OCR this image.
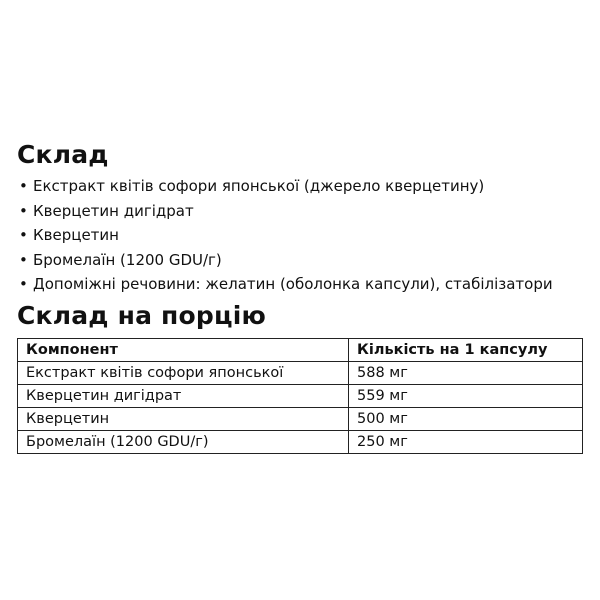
Склад
• Екстракт квітів софори японської (джерело кверцетину)
• Кверцетин дигідрат
• Кверцетин
• Бромелаїн (1200 GDU/г)
• Допоміжні речовини: желатин (оболонка капсули), стабілізатори
Склад на порцію
Компонент	Кількість на 1 капсулу
Екстракт квітів софори японської	588 мг
Кверцетин дигідрат	559 мг
Кверцетин	500 мг
Бромелаїн (1200 GDU/г)	250 мг
